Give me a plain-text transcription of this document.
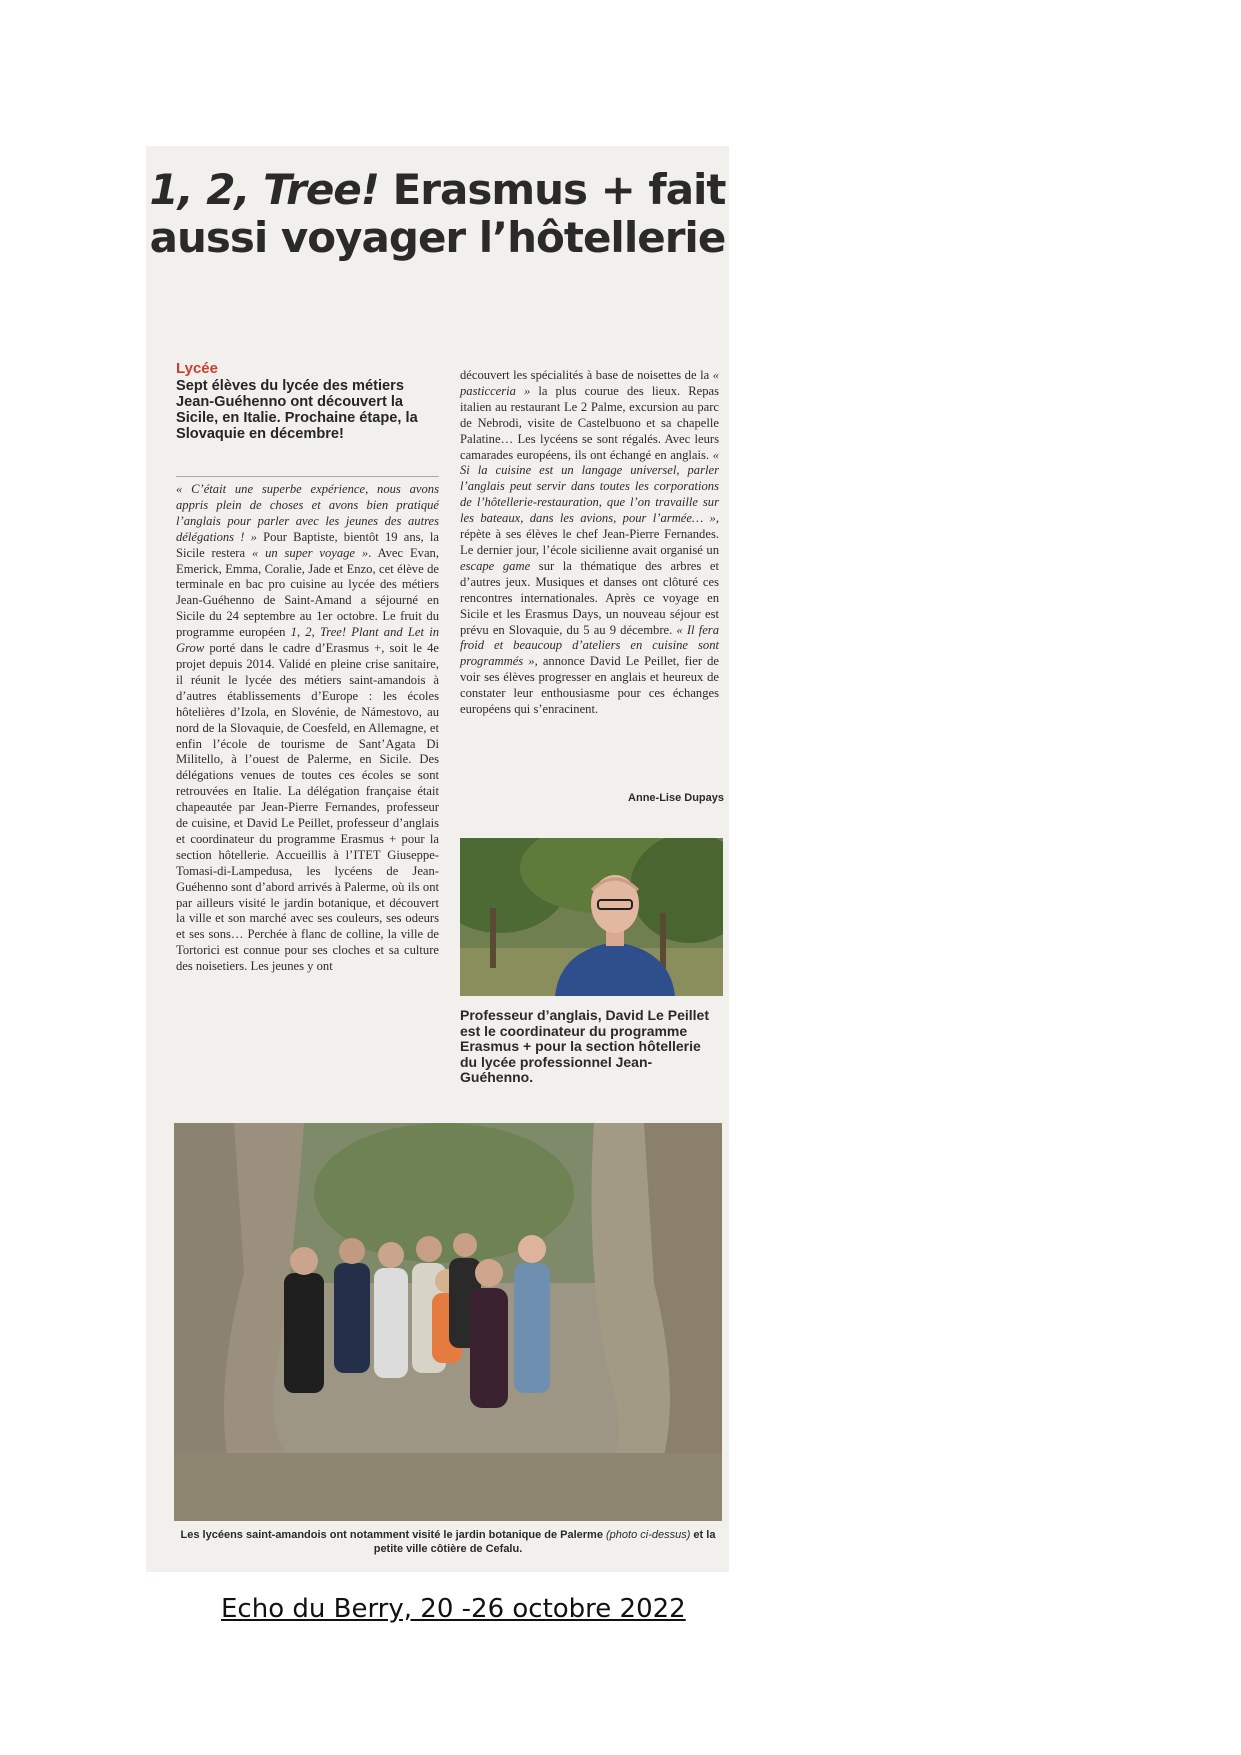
1, 2, Tree! Erasmus + fait aussi voyager l’hôtellerie
Lycée
Sept élèves du lycée des métiers Jean-Guéhenno ont découvert la Sicile, en Italie. Prochaine étape, la Slovaquie en décembre!

« C’était une superbe expérience, nous avons appris plein de choses et avons bien pratiqué l’anglais pour parler avec les jeunes des autres délégations ! » Pour Baptiste, bientôt 19 ans, la Sicile restera « un super voyage ». Avec Evan, Emerick, Emma, Coralie, Jade et Enzo, cet élève de terminale en bac pro cuisine au lycée des métiers Jean-Guéhenno de Saint-Amand a séjourné en Sicile du 24 septembre au 1er octobre. Le fruit du programme européen 1, 2, Tree! Plant and Let in Grow porté dans le cadre d’Erasmus +, soit le 4e projet depuis 2014. Validé en pleine crise sanitaire, il réunit le lycée des métiers saint-amandois à d’autres établissements d’Europe : les écoles hôtelières d’Izola, en Slovénie, de Námestovo, au nord de la Slovaquie, de Coesfeld, en Allemagne, et enfin l’école de tourisme de Sant’Agata Di Militello, à l’ouest de Palerme, en Sicile. Des délégations venues de toutes ces écoles se sont retrouvées en Italie. La délégation française était chapeautée par Jean-Pierre Fernandes, professeur de cuisine, et David Le Peillet, professeur d’anglais et coordinateur du programme Erasmus + pour la section hôtellerie. Accueillis à l’ITET Giuseppe-Tomasi-di-Lampedusa, les lycéens de Jean-Guéhenno sont d’abord arrivés à Palerme, où ils ont par ailleurs visité le jardin botanique, et découvert la ville et son marché avec ses couleurs, ses odeurs et ses sons… Perchée à flanc de colline, la ville de Tortorici est connue pour ses cloches et sa culture des noisetiers. Les jeunes y ont

découvert les spécialités à base de noisettes de la « pasticceria » la plus courue des lieux. Repas italien au restaurant Le 2 Palme, excursion au parc de Nebrodi, visite de Castelbuono et sa chapelle Palatine… Les lycéens se sont régalés. Avec leurs camarades européens, ils ont échangé en anglais. « Si la cuisine est un langage universel, parler l’anglais peut servir dans toutes les corporations de l’hôtellerie-restauration, que l’on travaille sur les bateaux, dans les avions, pour l’armée… », répète à ses élèves le chef Jean-Pierre Fernandes. Le dernier jour, l’école sicilienne avait organisé un escape game sur la thématique des arbres et d’autres jeux. Musiques et danses ont clôturé ces rencontres internationales. Après ce voyage en Sicile et les Erasmus Days, un nouveau séjour est prévu en Slovaquie, du 5 au 9 décembre. « Il fera froid et beaucoup d’ateliers en cuisine sont programmés », annonce David Le Peillet, fier de voir ses élèves progresser en anglais et heureux de constater leur enthousiasme pour ces échanges européens qui s’enracinent.

Anne-Lise Dupays
Professeur d’anglais, David Le Peillet est le coordinateur du programme Erasmus + pour la section hôtellerie du lycée professionnel Jean-Guéhenno.
Les lycéens saint-amandois ont notamment visité le jardin botanique de Palerme (photo ci-dessus) et la petite ville côtière de Cefalu.
Echo du Berry, 20 -26 octobre 2022
